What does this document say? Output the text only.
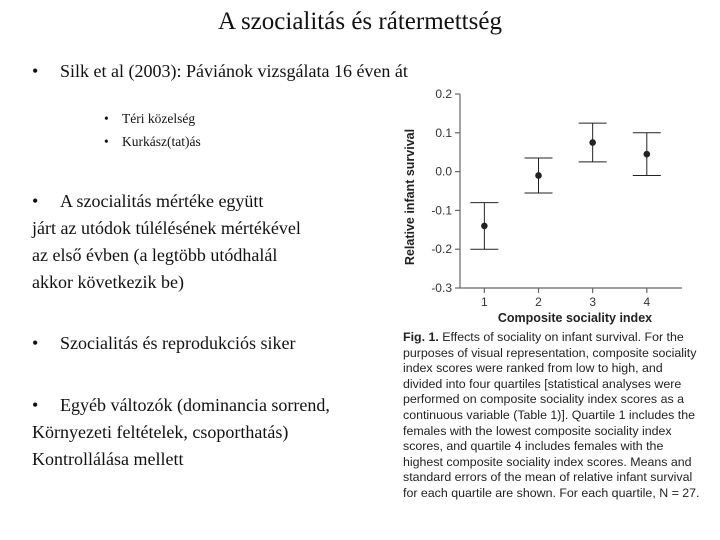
A szocialitás és rátermettség
• Silk et al (2003): Páviánok vizsgálata 16 éven át
• Téri közelség
• Kurkász(tat)ás
• A szocialitás mértéke együtt
járt az utódok túlélésének mértékével
az első évben (a legtöbb utódhalál
akkor következik be)
• Szocialitás és reprodukciós siker
• Egyéb változók (dominancia sorrend,
Környezeti feltételek, csoporthatás)
Kontrollálása mellett
0.2
0.1
0.0
-0.1
-0.2
-0.3
1	2	3	4
Composite sociality index
Relative infant survival
Fig. 1. Effects of sociality on infant survival. For the purposes of visual representation, composite sociality index scores were ranked from low to high, and divided into four quartiles [statistical analyses were performed on composite sociality index scores as a continuous variable (Table 1)]. Quartile 1 includes the females with the lowest composite sociality index scores, and quartile 4 includes females with the highest composite sociality index scores. Means and standard errors of the mean of relative infant survival for each quartile are shown. For each quartile, N = 27.
